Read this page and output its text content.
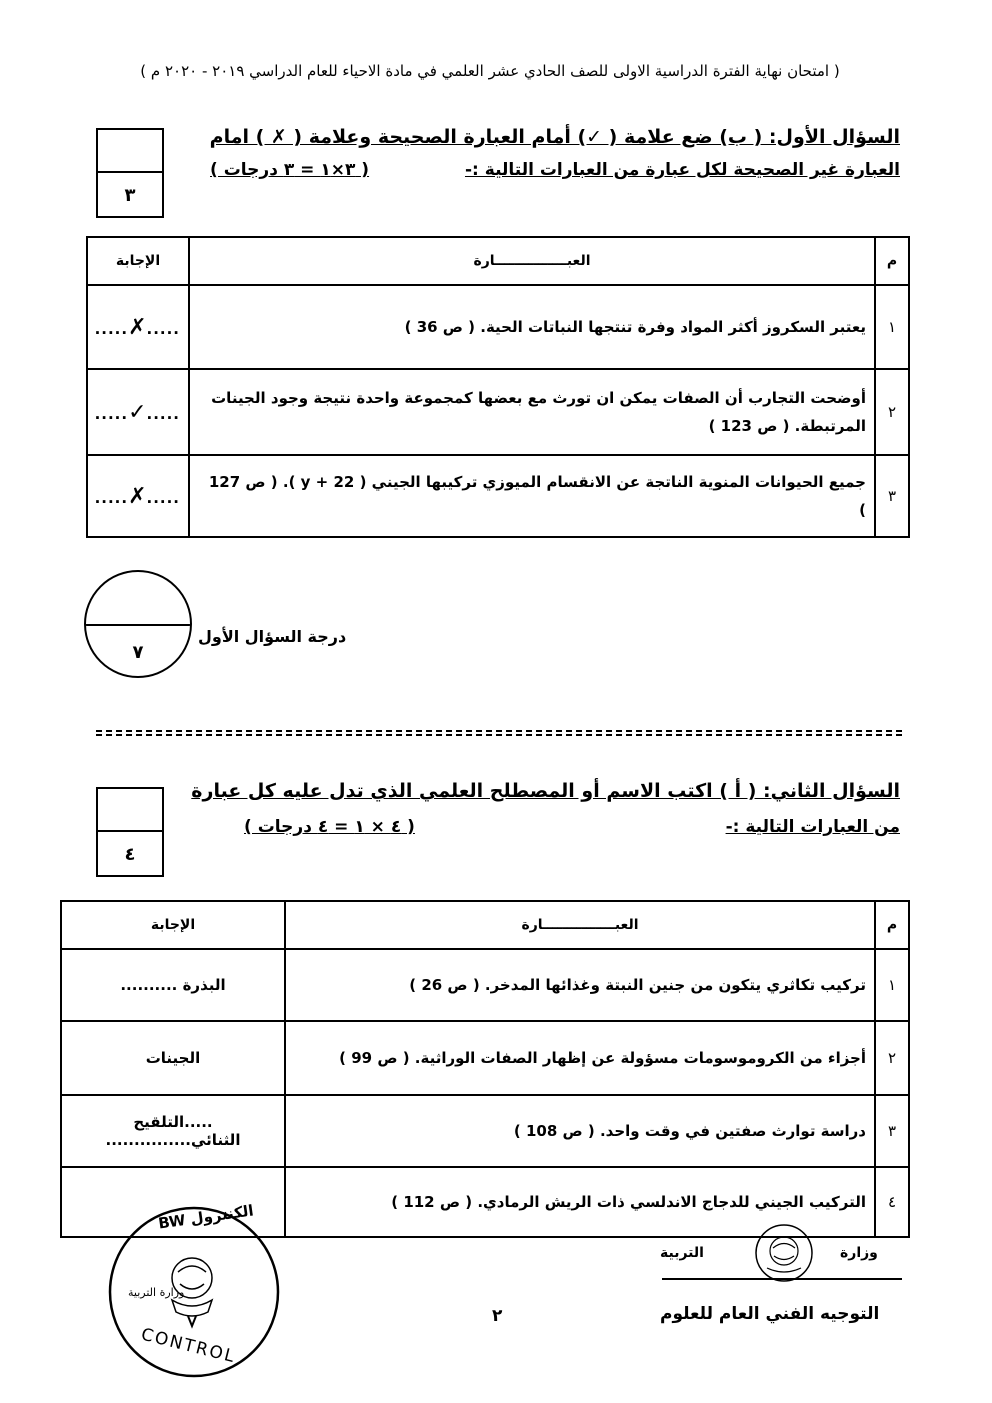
( امتحان نهاية الفترة الدراسية الاولى للصف الحادي عشر العلمي في مادة الاحياء للعام الدراسي ٢٠١٩ - ٢٠٢٠ م )
السؤال الأول: ( ب) ضع علامة ( ✓) أمام العبارة الصحيحة وعلامة ( ✗ ) امام
العبارة غير الصحيحة لكل عبارة من العبارات التالية :-
( ٣×١ = ٣ درجات )
٣
م	العبـــــــــــــــارة	الإجابة
١	يعتبر السكروز أكثر المواد وفرة تنتجها النباتات الحية. ( ص 36 )	.....✗.....
٢	أوضحت التجارب أن الصفات يمكن ان تورث مع بعضها كمجموعة واحدة نتيجة وجود الجينات المرتبطة. ( ص 123 )	.....✓.....
٣	جميع الحيوانات المنوية الناتجة عن الانقسام الميوزي تركيبها الجيني ( 22 + y ). ( ص 127 )	.....✗.....
٧
درجة السؤال الأول
السؤال الثاني: ( أ ) اكتب الاسم أو المصطلح العلمي الذي تدل عليه كل عبارة
من العبارات التالية :-
( ٤ × ١ = ٤ درجات )
٤
م	العبـــــــــــــــارة	الإجابة
١	تركيب تكاثري يتكون من جنين النبتة وغذائها المدخر. ( ص 26 )	البذرة ..........
٢	أجزاء من الكروموسومات مسؤولة عن إظهار الصفات الوراثية. ( ص 99 )	الجينات
٣	دراسة توارث صفتين في وقت واحد. ( ص 108 )	.....التلقيح الثنائي...............
٤	التركيب الجيني للدجاج الاندلسي ذات الريش الرمادي. ( ص 112 )	
BW الكنترول
وزارة التربية
CONTROL
وزارة
التربية
التوجيه الفني العام للعلوم
٢
